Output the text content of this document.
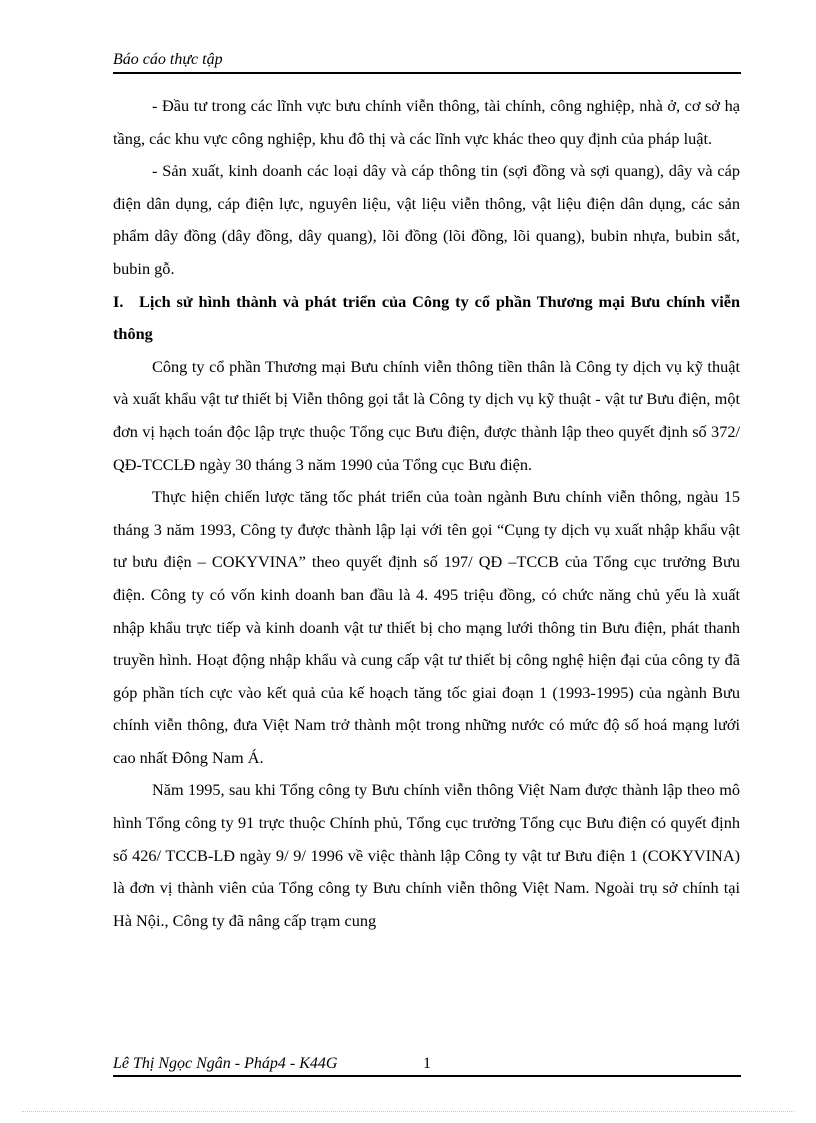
Báo cáo thực tập

- Đầu tư trong các lĩnh vực bưu chính viễn thông, tài chính, công nghiệp, nhà ở, cơ sở hạ tầng, các khu vực công nghiệp, khu đô thị và các lĩnh vực khác theo quy định của pháp luật.

- Sản xuất, kinh doanh các loại dây và cáp thông tin (sợi đồng và sợi quang), dây và cáp điện dân dụng, cáp điện lực, nguyên liệu, vật liệu viễn thông, vật liệu điện dân dụng, các sản phẩm dây đồng (dây đồng, dây quang), lõi đồng (lõi đồng, lõi quang), bubin nhựa, bubin sắt, bubin gỗ.

I. Lịch sử hình thành và phát triển của Công ty cổ phần Thương mại Bưu chính viễn thông

Công ty cổ phần Thương mại Bưu chính viễn thông tiền thân là Công ty dịch vụ kỹ thuật và xuất khẩu vật tư thiết bị Viễn thông gọi tắt là Công ty dịch vụ kỹ thuật - vật tư Bưu điện, một đơn vị hạch toán độc lập trực thuộc Tổng cục Bưu điện, được thành lập theo quyết định số 372/ QĐ-TCCLĐ ngày 30 tháng 3 năm 1990 của Tổng cục Bưu điện.

Thực hiện chiến lược tăng tốc phát triển của toàn ngành Bưu chính viễn thông, ngàu 15 tháng 3 năm 1993, Công ty được thành lập lại với tên gọi “Cụng ty dịch vụ xuất nhập khẩu vật tư bưu điện – COKYVINA” theo quyết định số 197/ QĐ –TCCB của Tổng cục trưởng Bưu điện. Công ty có vốn kinh doanh ban đầu là 4. 495 triệu đồng, có chức năng chủ yếu là xuất nhập khẩu trực tiếp và kinh doanh vật tư thiết bị cho mạng lưới thông tin Bưu điện, phát thanh truyền hình. Hoạt động nhập khẩu và cung cấp vật tư thiết bị công nghệ hiện đại của công ty đã góp phần tích cực vào kết quả của kế hoạch tăng tốc giai đoạn 1 (1993-1995) của ngành Bưu chính viễn thông, đưa Việt Nam trở thành một trong những nước có mức độ số hoá mạng lưới cao nhất Đông Nam Á.

Năm 1995, sau khi Tổng công ty Bưu chính viễn thông Việt Nam được thành lập theo mô hình Tổng công ty 91 trực thuộc Chính phủ, Tổng cục trưởng Tổng cục Bưu điện có quyết định số 426/ TCCB-LĐ ngày 9/ 9/ 1996 về việc thành lập Công ty vật tư Bưu điện 1 (COKYVINA) là đơn vị thành viên của Tổng công ty Bưu chính viễn thông Việt Nam. Ngoài trụ sở chính tại Hà Nội., Công ty đã nâng cấp trạm cung

Lê Thị Ngọc Ngân - Pháp4 - K44G	1
